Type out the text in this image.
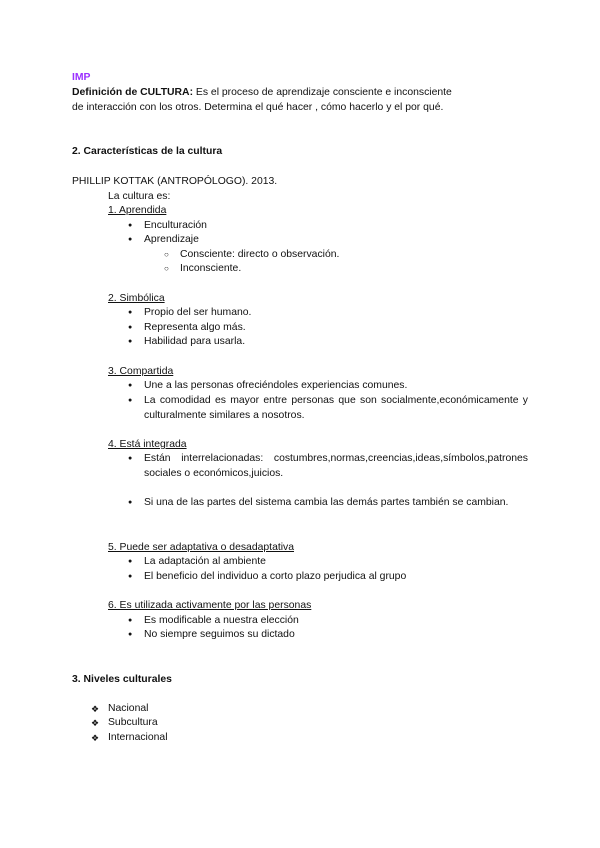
IMP
Definición de CULTURA: Es el proceso de aprendizaje consciente e inconsciente
de interacción con los otros. Determina el qué hacer , cómo hacerlo y el por qué.
2. Características de la cultura
PHILLIP KOTTAK (ANTROPÓLOGO). 2013.
La cultura es:
1. Aprendida
● Enculturación
● Aprendizaje
○ Consciente: directo o observación.
○ Inconsciente.
2. Simbólica
● Propio del ser humano.
● Representa algo más.
● Habilidad para usarla.
3. Compartida
● Une a las personas ofreciéndoles experiencias comunes.
● La comodidad es mayor entre personas que son socialmente,económicamente y culturalmente similares a nosotros.
4. Está integrada
● Están interrelacionadas: costumbres,normas,creencias,ideas,símbolos,patrones sociales o económicos,juicios.
● Si una de las partes del sistema cambia las demás partes también se cambian.
5. Puede ser adaptativa o desadaptativa
● La adaptación al ambiente
● El beneficio del individuo a corto plazo perjudica al grupo
6. Es utilizada activamente por las personas
● Es modificable a nuestra elección
● No siempre seguimos su dictado
3. Niveles culturales
❖ Nacional
❖ Subcultura
❖ Internacional
